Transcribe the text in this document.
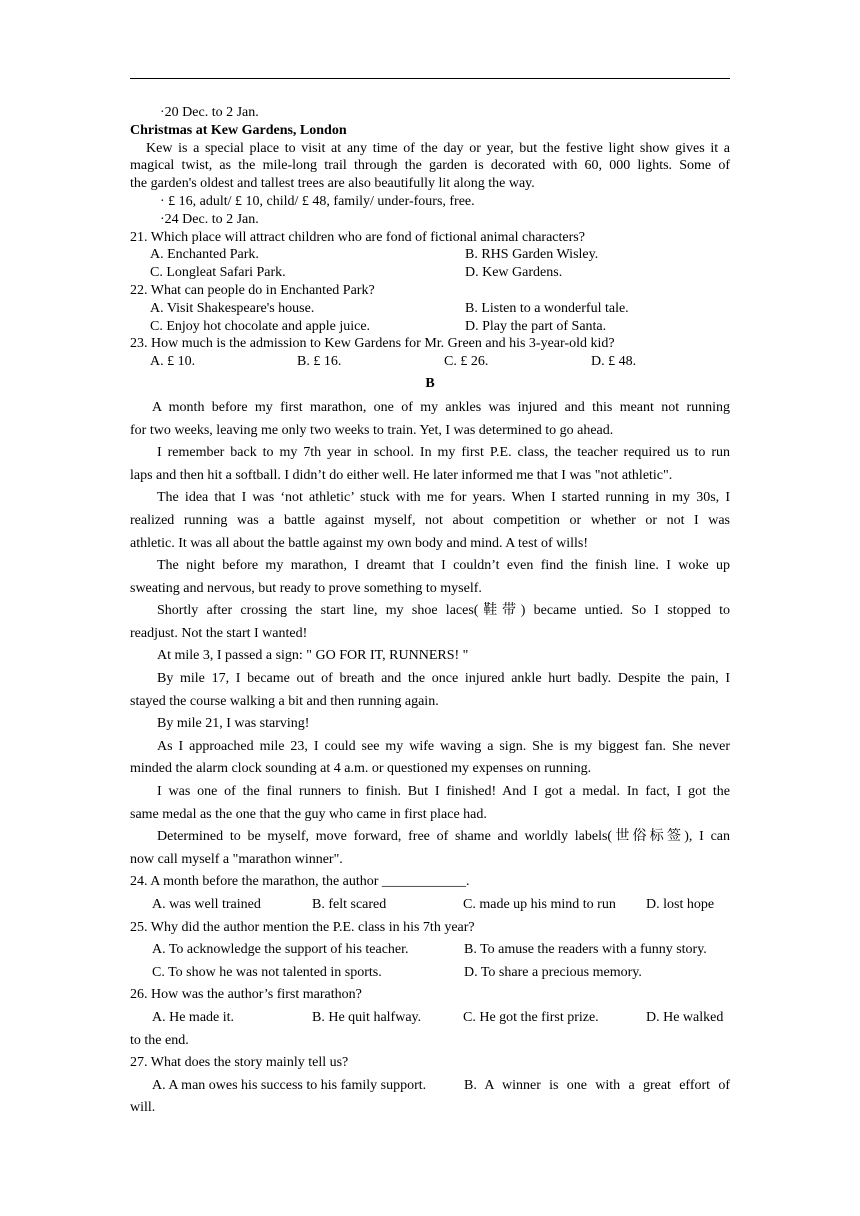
·20 Dec. to 2 Jan.
Christmas at Kew Gardens, London
Kew is a special place to visit at any time of the day or year, but the festive light show gives it a
magical twist, as the mile-long trail through the garden is decorated with 60, 000 lights. Some of
the garden's oldest and tallest trees are also beautifully lit along the way.
· £ 16, adult/ £ 10, child/ £ 48, family/ under-fours, free.
·24 Dec. to 2 Jan.
21. Which place will attract children who are fond of fictional animal characters?
A. Enchanted Park.	B. RHS Garden Wisley.
C. Longleat Safari Park.	D. Kew Gardens.
22. What can people do in Enchanted Park?
A. Visit Shakespeare's house.	B. Listen to a wonderful tale.
C. Enjoy hot chocolate and apple juice.	D. Play the part of Santa.
23. How much is the admission to Kew Gardens for Mr. Green and his 3-year-old kid?
A. £ 10.	B. £ 16.	C. £ 26.	D. £ 48.
B
A month before my first marathon, one of my ankles was injured and this meant not running
for two weeks, leaving me only two weeks to train. Yet, I was determined to go ahead.
I remember back to my 7th year in school. In my first P.E. class, the teacher required us to run
laps and then hit a softball. I didn’t do either well. He later informed me that I was "not athletic".
The idea that I was ‘not athletic’ stuck with me for years. When I started running in my 30s, I
realized running was a battle against myself, not about competition or whether or not I was
athletic. It was all about the battle against my own body and mind. A test of wills!
The night before my marathon, I dreamt that I couldn’t even find the finish line. I woke up
sweating and nervous, but ready to prove something to myself.
Shortly after crossing the start line, my shoe laces(鞋带) became untied. So I stopped to
readjust. Not the start I wanted!
At mile 3, I passed a sign: " GO FOR IT, RUNNERS! "
By mile 17, I became out of breath and the once injured ankle hurt badly. Despite the pain, I
stayed the course walking a bit and then running again.
By mile 21, I was starving!
As I approached mile 23, I could see my wife waving a sign. She is my biggest fan. She never
minded the alarm clock sounding at 4 a.m. or questioned my expenses on running.
I was one of the final runners to finish. But I finished! And I got a medal. In fact, I got the
same medal as the one that the guy who came in first place had.
Determined to be myself, move forward, free of shame and worldly labels(世俗标签), I can
now call myself a "marathon winner".
24. A month before the marathon, the author ____________.
A. was well trained	B. felt scared	C. made up his mind to run	D. lost hope
25. Why did the author mention the P.E. class in his 7th year?
A. To acknowledge the support of his teacher.	B. To amuse the readers with a funny story.
C. To show he was not talented in sports.	D. To share a precious memory.
26. How was the author’s first marathon?
A. He made it.	B. He quit halfway.	C. He got the first prize.	D. He walked
to the end.
27. What does the story mainly tell us?
A. A man owes his success to his family support.	B. A winner is one with a great effort of
will.
